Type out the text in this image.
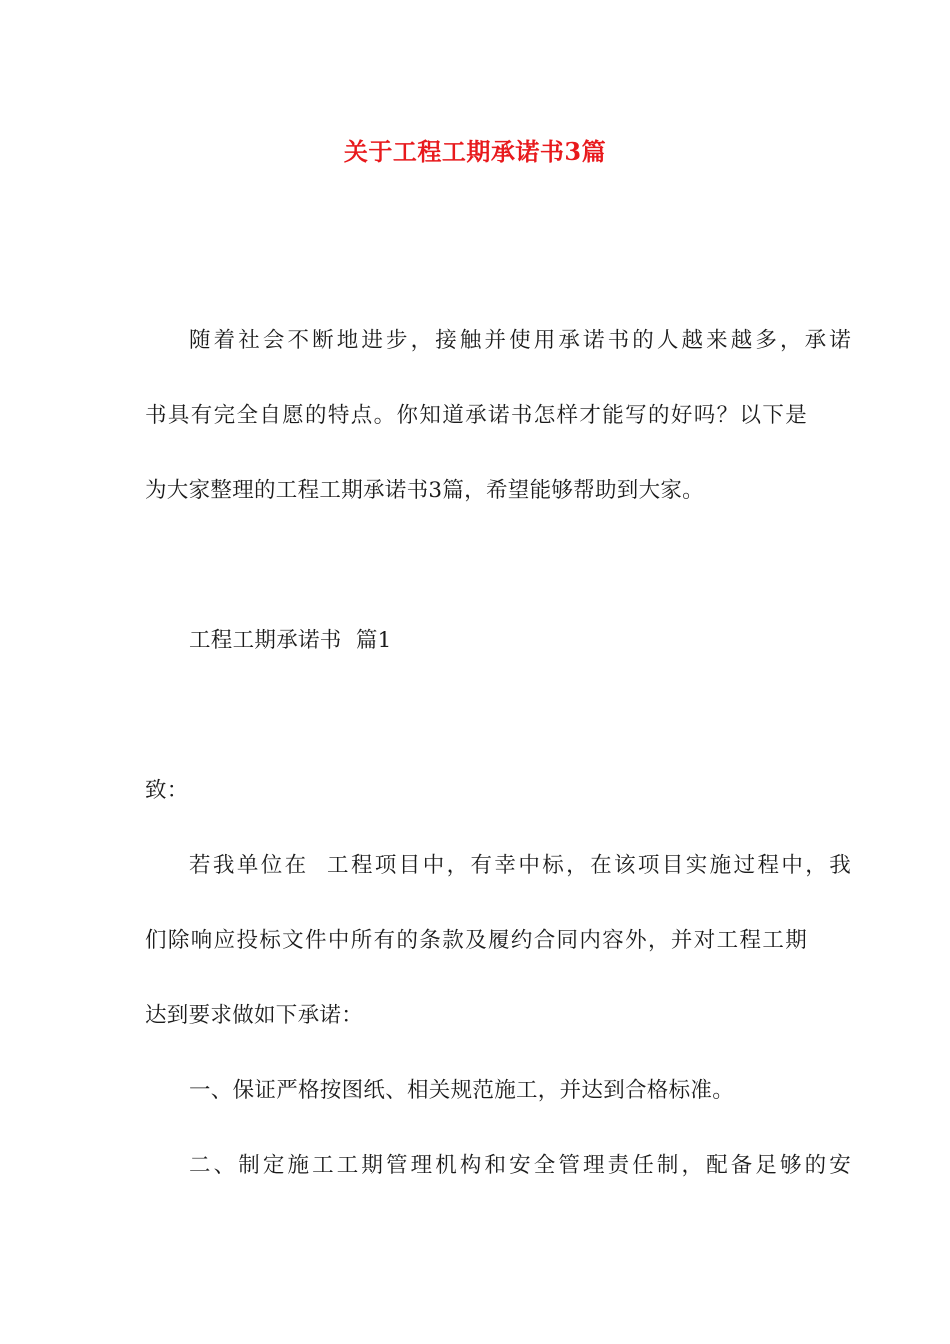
关于工程工期承诺书3篇
随着社会不断地进步，接触并使用承诺书的人越来越多，承诺
书具有完全自愿的特点。你知道承诺书怎样才能写的好吗？以下是
为大家整理的工程工期承诺书3篇，希望能够帮助到大家。
工程工期承诺书  篇1
致：
若我单位在  工程项目中，有幸中标，在该项目实施过程中，我
们除响应投标文件中所有的条款及履约合同内容外，并对工程工期
达到要求做如下承诺：
一、保证严格按图纸、相关规范施工，并达到合格标准。
二、制定施工工期管理机构和安全管理责任制，配备足够的安
